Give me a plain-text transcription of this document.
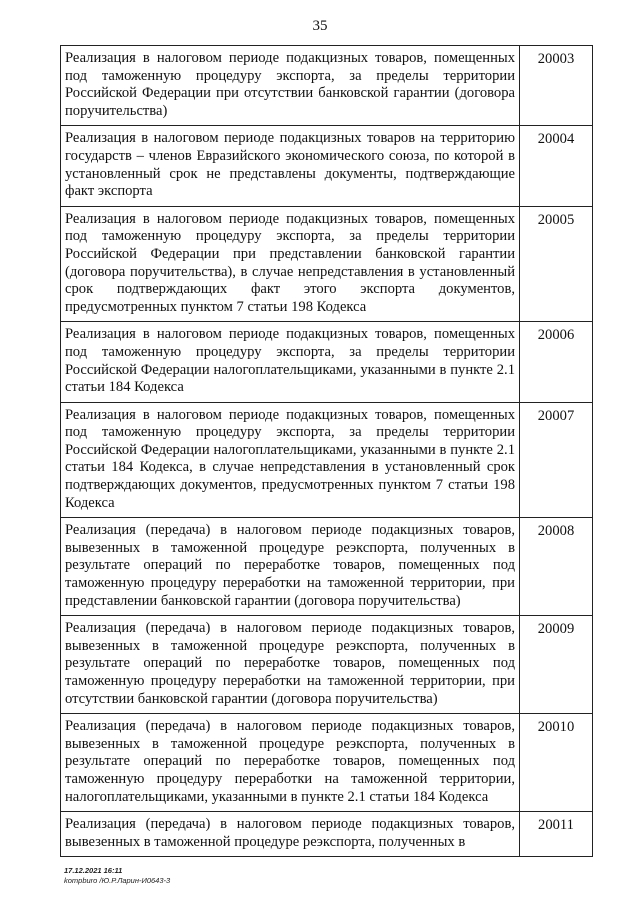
35
Реализация в налоговом периоде подакцизных товаров, помещенных под таможенную процедуру экспорта, за пределы территории Российской Федерации при отсутствии банковской гарантии (договора поручительства)	20003
Реализация в налоговом периоде подакцизных товаров на территорию государств – членов Евразийского экономического союза, по которой в установленный срок не представлены документы, подтверждающие факт экспорта	20004
Реализация в налоговом периоде подакцизных товаров, помещенных под таможенную процедуру экспорта, за пределы территории Российской Федерации при представлении банковской гарантии (договора поручительства), в случае непредставления в установленный срок подтверждающих факт этого экспорта документов, предусмотренных пунктом 7 статьи 198 Кодекса	20005
Реализация в налоговом периоде подакцизных товаров, помещенных под таможенную процедуру экспорта, за пределы территории Российской Федерации налогоплательщиками, указанными в пункте 2.1 статьи 184 Кодекса	20006
Реализация в налоговом периоде подакцизных товаров, помещенных под таможенную процедуру экспорта, за пределы территории Российской Федерации налогоплательщиками, указанными в пункте 2.1 статьи 184 Кодекса, в случае непредставления в установленный срок подтверждающих документов, предусмотренных пунктом 7 статьи 198 Кодекса	20007
Реализация (передача) в налоговом периоде подакцизных товаров, вывезенных в таможенной процедуре реэкспорта, полученных в результате операций по переработке товаров, помещенных под таможенную процедуру переработки на таможенной территории, при представлении банковской гарантии (договора поручительства)	20008
Реализация (передача) в налоговом периоде подакцизных товаров, вывезенных в таможенной процедуре реэкспорта, полученных в результате операций по переработке товаров, помещенных под таможенную процедуру переработки на таможенной территории, при отсутствии банковской гарантии (договора поручительства)	20009
Реализация (передача) в налоговом периоде подакцизных товаров, вывезенных в таможенной процедуре реэкспорта, полученных в результате операций по переработке товаров, помещенных под таможенную процедуру переработки на таможенной территории, налогоплательщиками, указанными в пункте 2.1 статьи 184 Кодекса	20010
Реализация (передача) в налоговом периоде подакцизных товаров, вывезенных в таможенной процедуре реэкспорта, полученных в	20011
17.12.2021 16:11
kompburo /Ю.Р.Ларин-И0643-3
